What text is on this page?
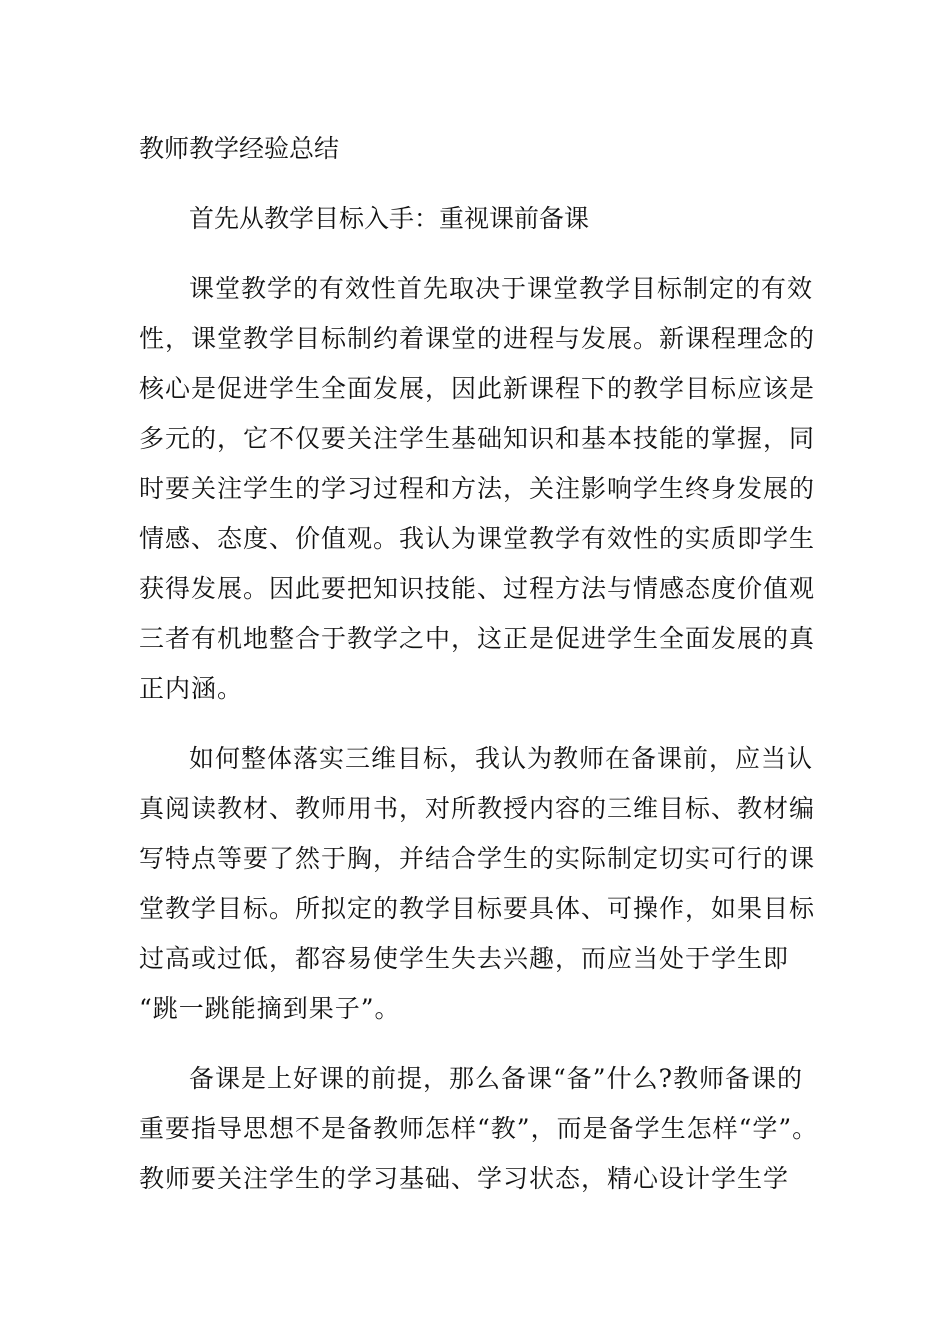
教师教学经验总结
首先从教学目标入手：重视课前备课
课堂教学的有效性首先取决于课堂教学目标制定的有效
性，课堂教学目标制约着课堂的进程与发展。新课程理念的
核心是促进学生全面发展，因此新课程下的教学目标应该是
多元的，它不仅要关注学生基础知识和基本技能的掌握，同
时要关注学生的学习过程和方法，关注影响学生终身发展的
情感、态度、价值观。我认为课堂教学有效性的实质即学生
获得发展。因此要把知识技能、过程方法与情感态度价值观
三者有机地整合于教学之中，这正是促进学生全面发展的真
正内涵。
如何整体落实三维目标，我认为教师在备课前，应当认
真阅读教材、教师用书，对所教授内容的三维目标、教材编
写特点等要了然于胸，并结合学生的实际制定切实可行的课
堂教学目标。所拟定的教学目标要具体、可操作，如果目标
过高或过低，都容易使学生失去兴趣，而应当处于学生即
“跳一跳能摘到果子”。
备课是上好课的前提，那么备课“备”什么?教师备课的
重要指导思想不是备教师怎样“教”，而是备学生怎样“学”。
教师要关注学生的学习基础、学习状态，精心设计学生学
